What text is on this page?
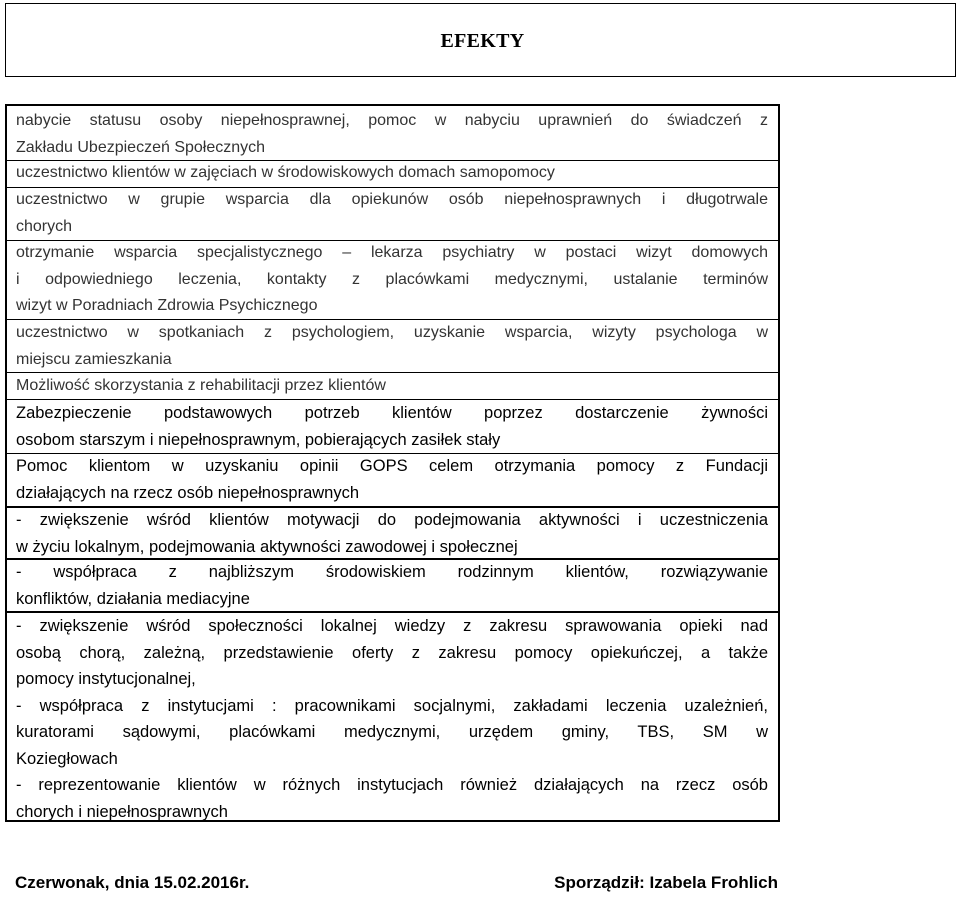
EFEKTY
nabycie statusu osoby niepełnosprawnej, pomoc w nabyciu uprawnień do świadczeń z
Zakładu Ubezpieczeń Społecznych
uczestnictwo klientów w zajęciach w środowiskowych domach samopomocy
uczestnictwo w grupie wsparcia dla opiekunów osób niepełnosprawnych i długotrwale
chorych
otrzymanie wsparcia specjalistycznego – lekarza psychiatry w postaci wizyt domowych
i odpowiedniego leczenia, kontakty z placówkami medycznymi, ustalanie terminów
wizyt w Poradniach Zdrowia Psychicznego
uczestnictwo w spotkaniach z psychologiem, uzyskanie wsparcia, wizyty psychologa w
miejscu zamieszkania
Możliwość skorzystania z rehabilitacji przez klientów
Zabezpieczenie podstawowych potrzeb klientów poprzez dostarczenie żywności
osobom starszym i niepełnosprawnym, pobierających zasiłek stały
Pomoc klientom w uzyskaniu opinii GOPS celem otrzymania pomocy z Fundacji
działających na rzecz osób niepełnosprawnych
- zwiększenie wśród klientów motywacji do podejmowania aktywności i uczestniczenia
w życiu lokalnym, podejmowania aktywności zawodowej i społecznej
- współpraca z najbliższym środowiskiem rodzinnym klientów, rozwiązywanie
konfliktów, działania mediacyjne
- zwiększenie wśród społeczności lokalnej wiedzy z zakresu sprawowania opieki nad
osobą chorą, zależną, przedstawienie oferty z zakresu pomocy opiekuńczej, a także
pomocy instytucjonalnej,
- współpraca z instytucjami : pracownikami socjalnymi, zakładami leczenia uzależnień,
kuratorami sądowymi, placówkami medycznymi, urzędem gminy, TBS, SM w
Koziegłowach
- reprezentowanie klientów w różnych instytucjach również działających na rzecz osób
chorych i niepełnosprawnych
Czerwonak, dnia 15.02.2016r.	Sporządził: Izabela Frohlich
